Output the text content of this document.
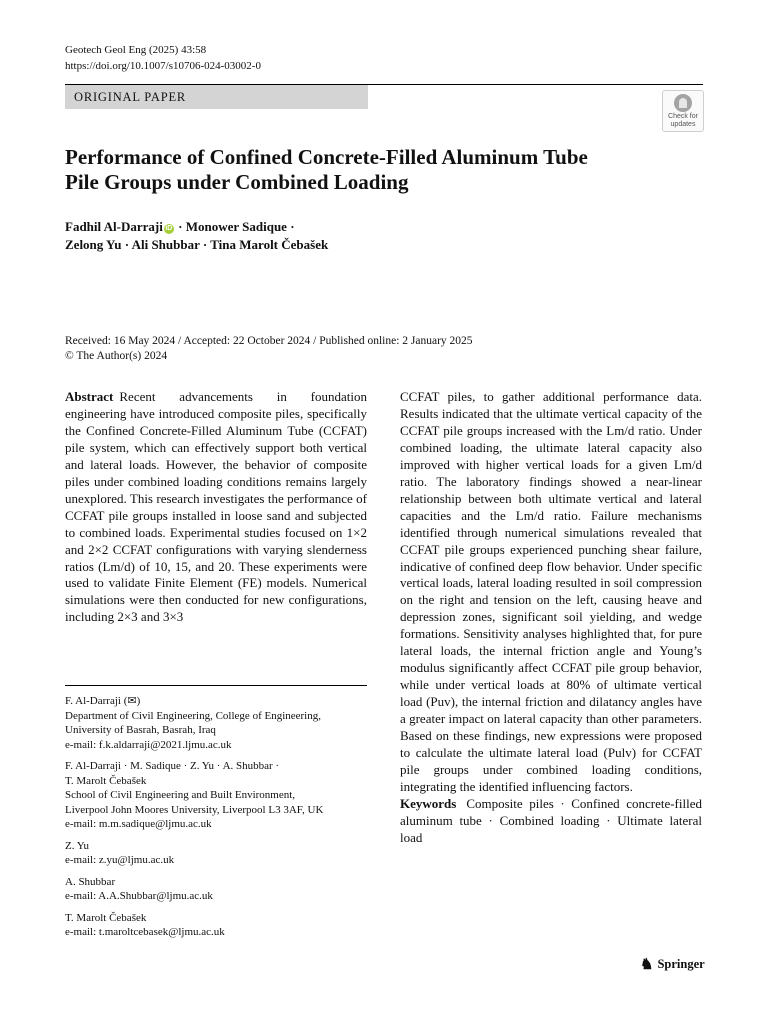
Geotech Geol Eng (2025) 43:58
https://doi.org/10.1007/s10706-024-03002-0
ORIGINAL PAPER
Check for
updates
Performance of Confined Concrete-Filled Aluminum Tube
Pile Groups under Combined Loading
Fadhil Al-Darraji iD · Monower Sadique ·
Zelong Yu · Ali Shubbar · Tina Marolt Čebašek
Received: 16 May 2024 / Accepted: 22 October 2024 / Published online: 2 January 2025
© The Author(s) 2024

Abstract Recent advancements in foundation engineering have introduced composite piles, specifically the Confined Concrete-Filled Aluminum Tube (CCFAT) pile system, which can effectively support both vertical and lateral loads. However, the behavior of composite piles under combined loading conditions remains largely unexplored. This research investigates the performance of CCFAT pile groups installed in loose sand and subjected to combined loads. Experimental studies focused on 1×2 and 2×2 CCFAT configurations with varying slenderness ratios (Lm/d) of 10, 15, and 20. These experiments were used to validate Finite Element (FE) models. Numerical simulations were then conducted for new configurations, including 2×3 and 3×3

F. Al-Darraji (✉)
Department of Civil Engineering, College of Engineering,
University of Basrah, Basrah, Iraq
e-mail: f.k.aldarraji@2021.ljmu.ac.uk
F. Al-Darraji · M. Sadique · Z. Yu · A. Shubbar ·
T. Marolt Čebašek
School of Civil Engineering and Built Environment,
Liverpool John Moores University, Liverpool L3 3AF, UK
e-mail: m.m.sadique@ljmu.ac.uk
Z. Yu
e-mail: z.yu@ljmu.ac.uk
A. Shubbar
e-mail: A.A.Shubbar@ljmu.ac.uk
T. Marolt Čebašek
e-mail: t.maroltcebasek@ljmu.ac.uk

CCFAT piles, to gather additional performance data. Results indicated that the ultimate vertical capacity of the CCFAT pile groups increased with the Lm/d ratio. Under combined loading, the ultimate lateral capacity also improved with higher vertical loads for a given Lm/d ratio. The laboratory findings showed a near-linear relationship between both ultimate vertical and lateral capacities and the Lm/d ratio. Failure mechanisms identified through numerical simulations revealed that CCFAT pile groups experienced punching shear failure, indicative of confined deep flow behavior. Under specific vertical loads, lateral loading resulted in soil compression on the right and tension on the left, causing heave and depression zones, significant soil yielding, and wedge formations. Sensitivity analyses highlighted that, for pure lateral loads, the internal friction angle and Young’s modulus significantly affect CCFAT pile group behavior, while under vertical loads at 80% of ultimate vertical load (Puv), the internal friction and dilatancy angles have a greater impact on lateral capacity than other parameters. Based on these findings, new expressions were proposed to calculate the ultimate lateral load (Pulv) for CCFAT pile groups under combined loading conditions, integrating the identified influencing factors.

Keywords Composite piles · Confined concrete-filled aluminum tube · Combined loading · Ultimate lateral load

♞ Springer
